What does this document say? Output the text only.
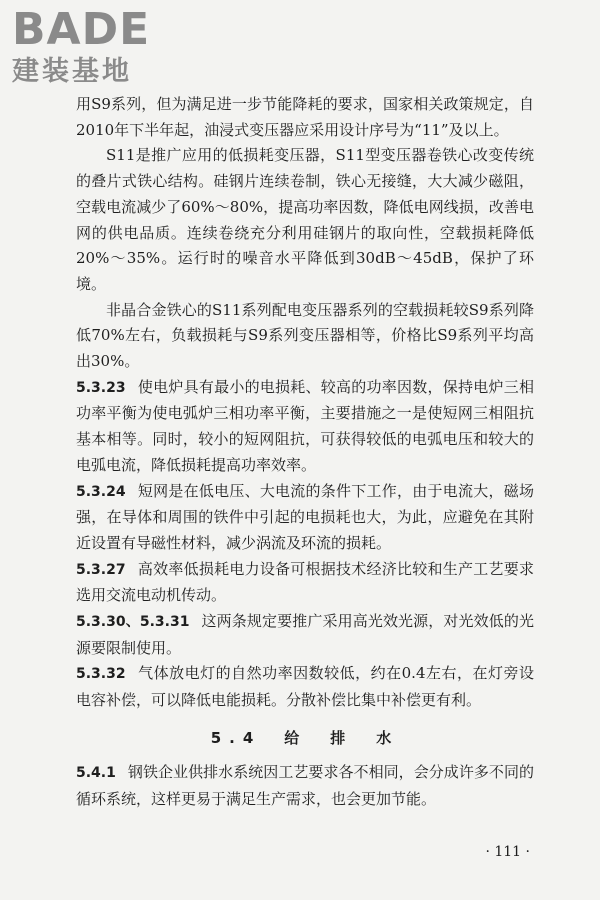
BADE
建装基地

用S9系列，但为满足进一步节能降耗的要求，国家相关政策规定，自2010年下半年起，油浸式变压器应采用设计序号为“11”及以上。

S11是推广应用的低损耗变压器，S11型变压器卷铁心改变传统的叠片式铁心结构。硅钢片连续卷制，铁心无接缝，大大减少磁阻，空载电流减少了60%～80%，提高功率因数，降低电网线损，改善电网的供电品质。连续卷绕充分利用硅钢片的取向性，空载损耗降低20%～35%。运行时的噪音水平降低到30dB～45dB，保护了环境。

非晶合金铁心的S11系列配电变压器系列的空载损耗较S9系列降低70%左右，负载损耗与S9系列变压器相等，价格比S9系列平均高出30%。

5.3.23 使电炉具有最小的电损耗、较高的功率因数，保持电炉三相功率平衡为使电弧炉三相功率平衡，主要措施之一是使短网三相阻抗基本相等。同时，较小的短网阻抗，可获得较低的电弧电压和较大的电弧电流，降低损耗提高功率效率。

5.3.24 短网是在低电压、大电流的条件下工作，由于电流大，磁场强，在导体和周围的铁件中引起的电损耗也大，为此，应避免在其附近设置有导磁性材料，减少涡流及环流的损耗。

5.3.27 高效率低损耗电力设备可根据技术经济比较和生产工艺要求选用交流电动机传动。

5.3.30、5.3.31 这两条规定要推广采用高光效光源，对光效低的光源要限制使用。

5.3.32 气体放电灯的自然功率因数较低，约在0.4左右，在灯旁设电容补偿，可以降低电能损耗。分散补偿比集中补偿更有利。

5.4　给　排　水

5.4.1 钢铁企业供排水系统因工艺要求各不相同，会分成许多不同的循环系统，这样更易于满足生产需求，也会更加节能。

· 111 ·
